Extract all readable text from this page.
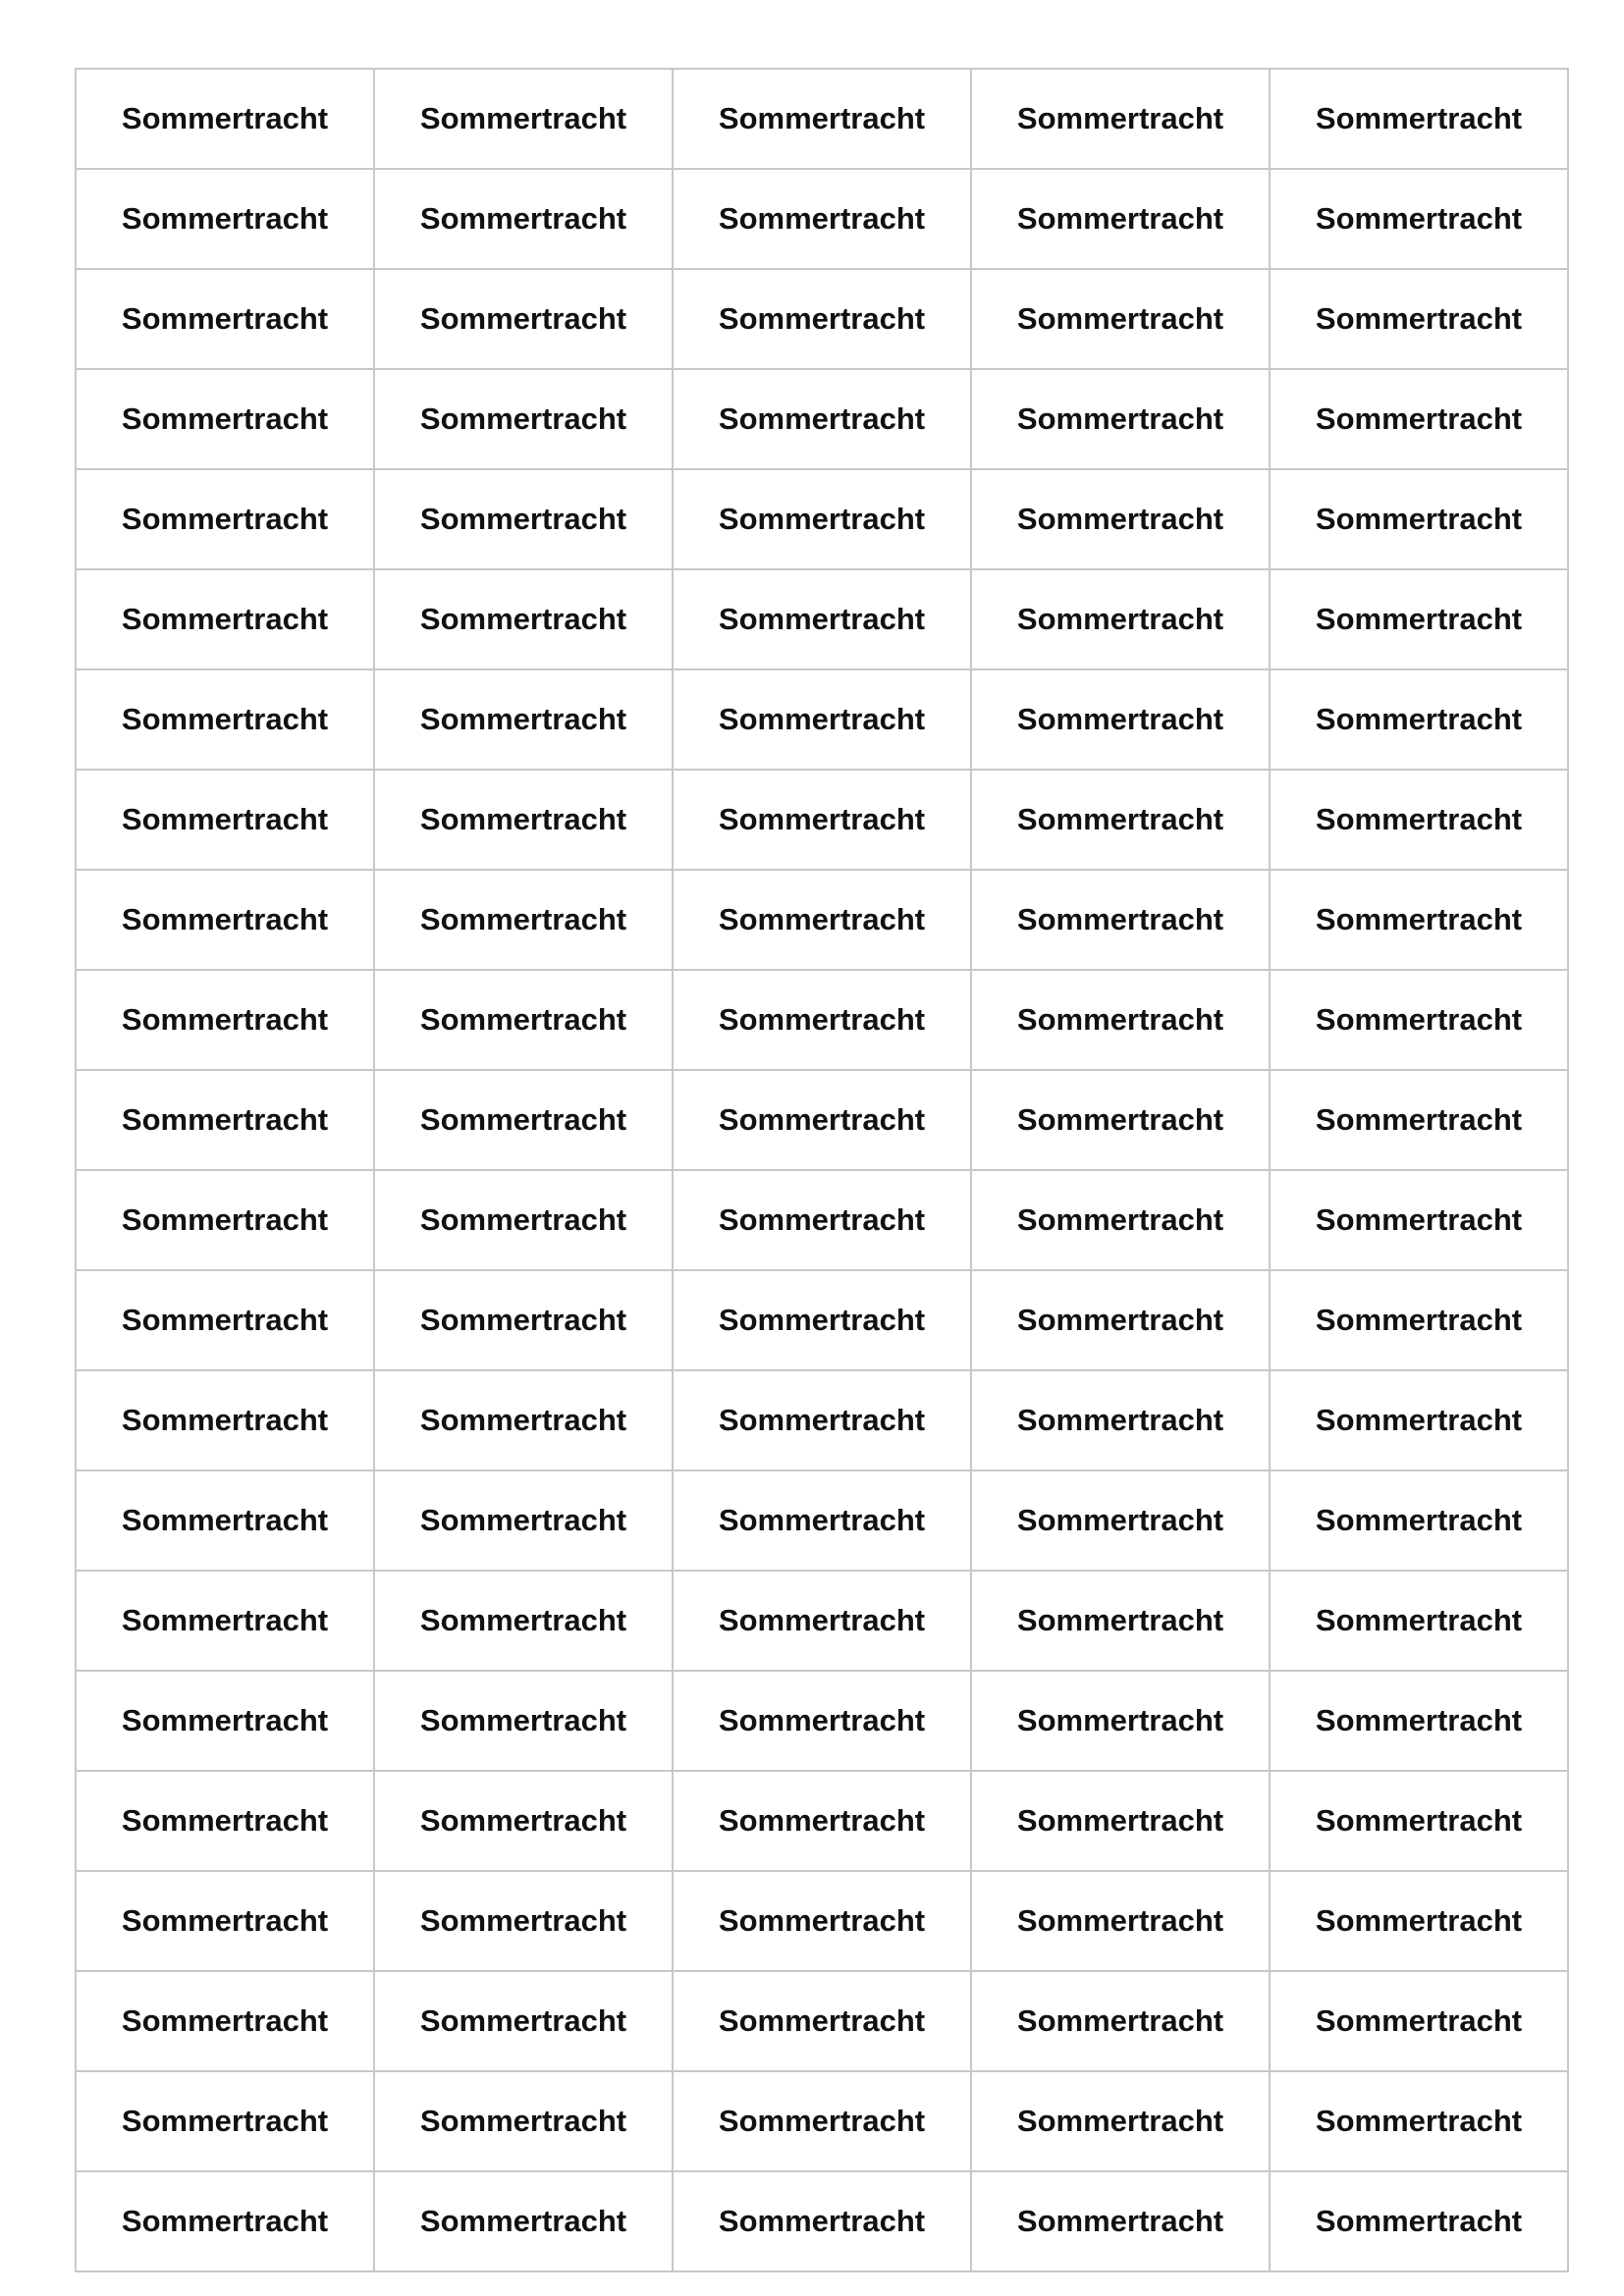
Sommertracht	Sommertracht	Sommertracht	Sommertracht	Sommertracht
Sommertracht	Sommertracht	Sommertracht	Sommertracht	Sommertracht
Sommertracht	Sommertracht	Sommertracht	Sommertracht	Sommertracht
Sommertracht	Sommertracht	Sommertracht	Sommertracht	Sommertracht
Sommertracht	Sommertracht	Sommertracht	Sommertracht	Sommertracht
Sommertracht	Sommertracht	Sommertracht	Sommertracht	Sommertracht
Sommertracht	Sommertracht	Sommertracht	Sommertracht	Sommertracht
Sommertracht	Sommertracht	Sommertracht	Sommertracht	Sommertracht
Sommertracht	Sommertracht	Sommertracht	Sommertracht	Sommertracht
Sommertracht	Sommertracht	Sommertracht	Sommertracht	Sommertracht
Sommertracht	Sommertracht	Sommertracht	Sommertracht	Sommertracht
Sommertracht	Sommertracht	Sommertracht	Sommertracht	Sommertracht
Sommertracht	Sommertracht	Sommertracht	Sommertracht	Sommertracht
Sommertracht	Sommertracht	Sommertracht	Sommertracht	Sommertracht
Sommertracht	Sommertracht	Sommertracht	Sommertracht	Sommertracht
Sommertracht	Sommertracht	Sommertracht	Sommertracht	Sommertracht
Sommertracht	Sommertracht	Sommertracht	Sommertracht	Sommertracht
Sommertracht	Sommertracht	Sommertracht	Sommertracht	Sommertracht
Sommertracht	Sommertracht	Sommertracht	Sommertracht	Sommertracht
Sommertracht	Sommertracht	Sommertracht	Sommertracht	Sommertracht
Sommertracht	Sommertracht	Sommertracht	Sommertracht	Sommertracht
Sommertracht	Sommertracht	Sommertracht	Sommertracht	Sommertracht
